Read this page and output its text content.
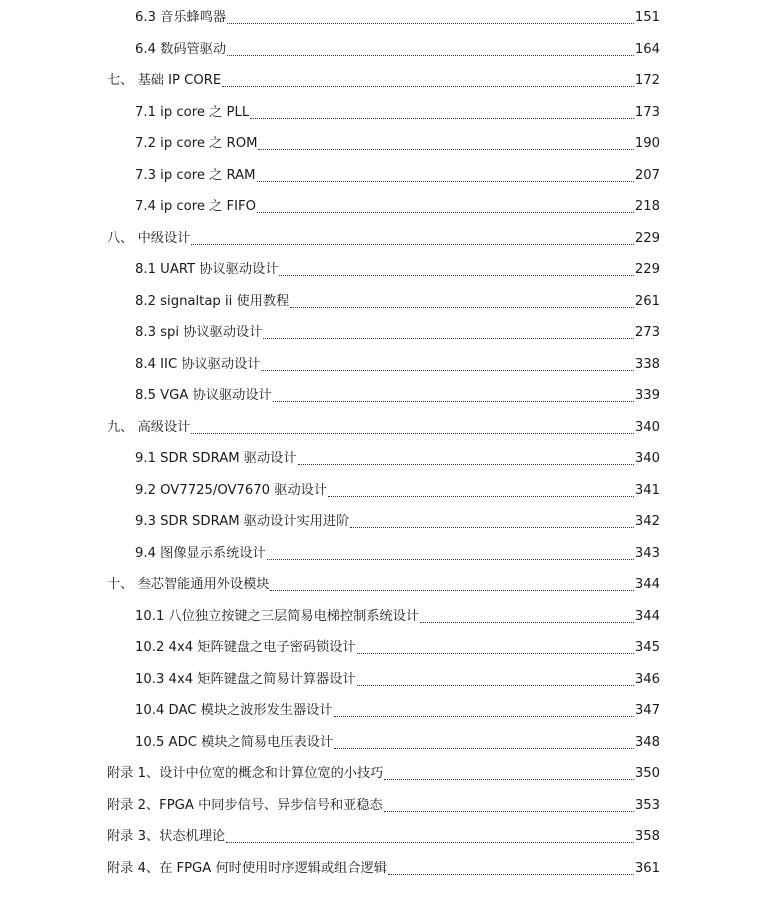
6.3 音乐蜂鸣器	151
6.4 数码管驱动	164
七、 基础 IP CORE	172
7.1 ip core 之 PLL	173
7.2 ip core 之 ROM	190
7.3 ip core 之 RAM	207
7.4 ip core 之 FIFO	218
八、 中级设计	229
8.1 UART 协议驱动设计	229
8.2 signaltap ii 使用教程	261
8.3 spi 协议驱动设计	273
8.4 IIC 协议驱动设计	338
8.5 VGA 协议驱动设计	339
九、 高级设计	340
9.1 SDR SDRAM 驱动设计	340
9.2 OV7725/OV7670 驱动设计	341
9.3 SDR SDRAM 驱动设计实用进阶	342
9.4 图像显示系统设计	343
十、 叁芯智能通用外设模块	344
10.1 八位独立按键之三层简易电梯控制系统设计	344
10.2 4x4 矩阵键盘之电子密码锁设计	345
10.3 4x4 矩阵键盘之简易计算器设计	346
10.4 DAC 模块之波形发生器设计	347
10.5 ADC 模块之简易电压表设计	348
附录 1、设计中位宽的概念和计算位宽的小技巧	350
附录 2、FPGA 中同步信号、异步信号和亚稳态	353
附录 3、状态机理论	358
附录 4、在 FPGA 何时使用时序逻辑或组合逻辑	361
